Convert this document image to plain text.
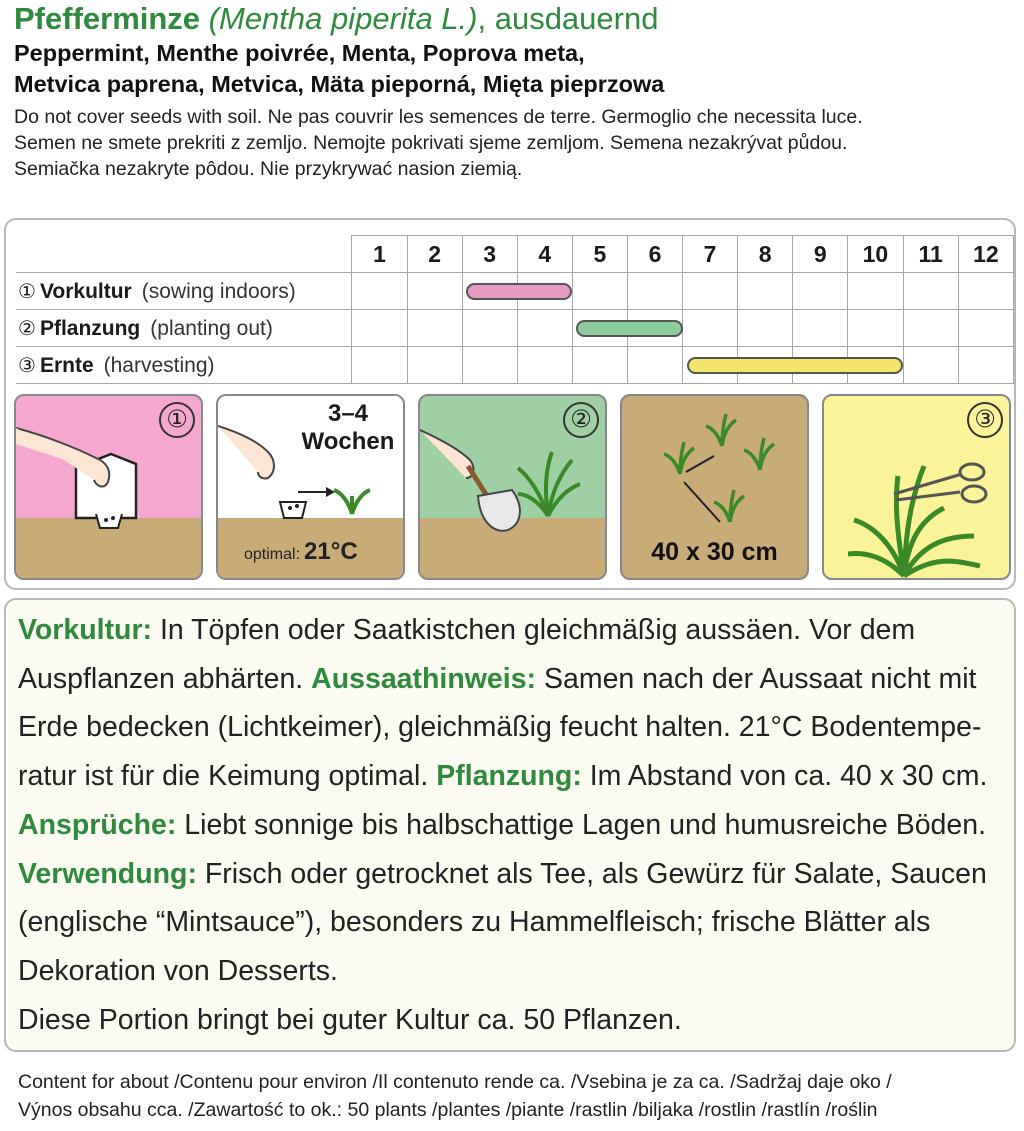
Pfefferminze (Mentha piperita L.), ausdauernd
Peppermint, Menthe poivrée, Menta, Poprova meta,
Metvica paprena, Metvica, Mäta pieporná, Mięta pieprzowa
Do not cover seeds with soil. Ne pas couvrir les semences de terre. Germoglio che necessita luce.
Semen ne smete prekriti z zemljo. Nemojte pokrivati sjeme zemljom. Semena nezakrývat půdou.
Semiačka nezakryte pôdou. Nie przykrywać nasion ziemią.
	1	2	3	4	5	6	7	8	9	10	11	12
① Vorkultur (sowing indoors)												
② Pflanzung (planting out)												
③ Ernte (harvesting)												
①	3–4 Wochen
optimal: 21°C
②
40 x 30 cm
③

Vorkultur: In Töpfen oder Saatkistchen gleichmäßig aussäen. Vor dem Auspflanzen abhärten. Aussaathinweis: Samen nach der Aussaat nicht mit Erde bedecken (Lichtkeimer), gleichmäßig feucht halten. 21°C Bodentempe-ratur ist für die Keimung optimal. Pflanzung: Im Abstand von ca. 40 x 30 cm.

Ansprüche: Liebt sonnige bis halbschattige Lagen und humusreiche Böden.

Verwendung: Frisch oder getrocknet als Tee, als Gewürz für Salate, Saucen (englische “Mintsauce”), besonders zu Hammelfleisch; frische Blätter als Dekoration von Desserts.

Diese Portion bringt bei guter Kultur ca. 50 Pflanzen.

Content for about /Contenu pour environ /Il contenuto rende ca. /Vsebina je za ca. /Sadržaj daje oko /
Výnos obsahu cca. /Zawartość to ok.: 50 plants /plantes /piante /rastlin /biljaka /rostlin /rastlín /roślin
